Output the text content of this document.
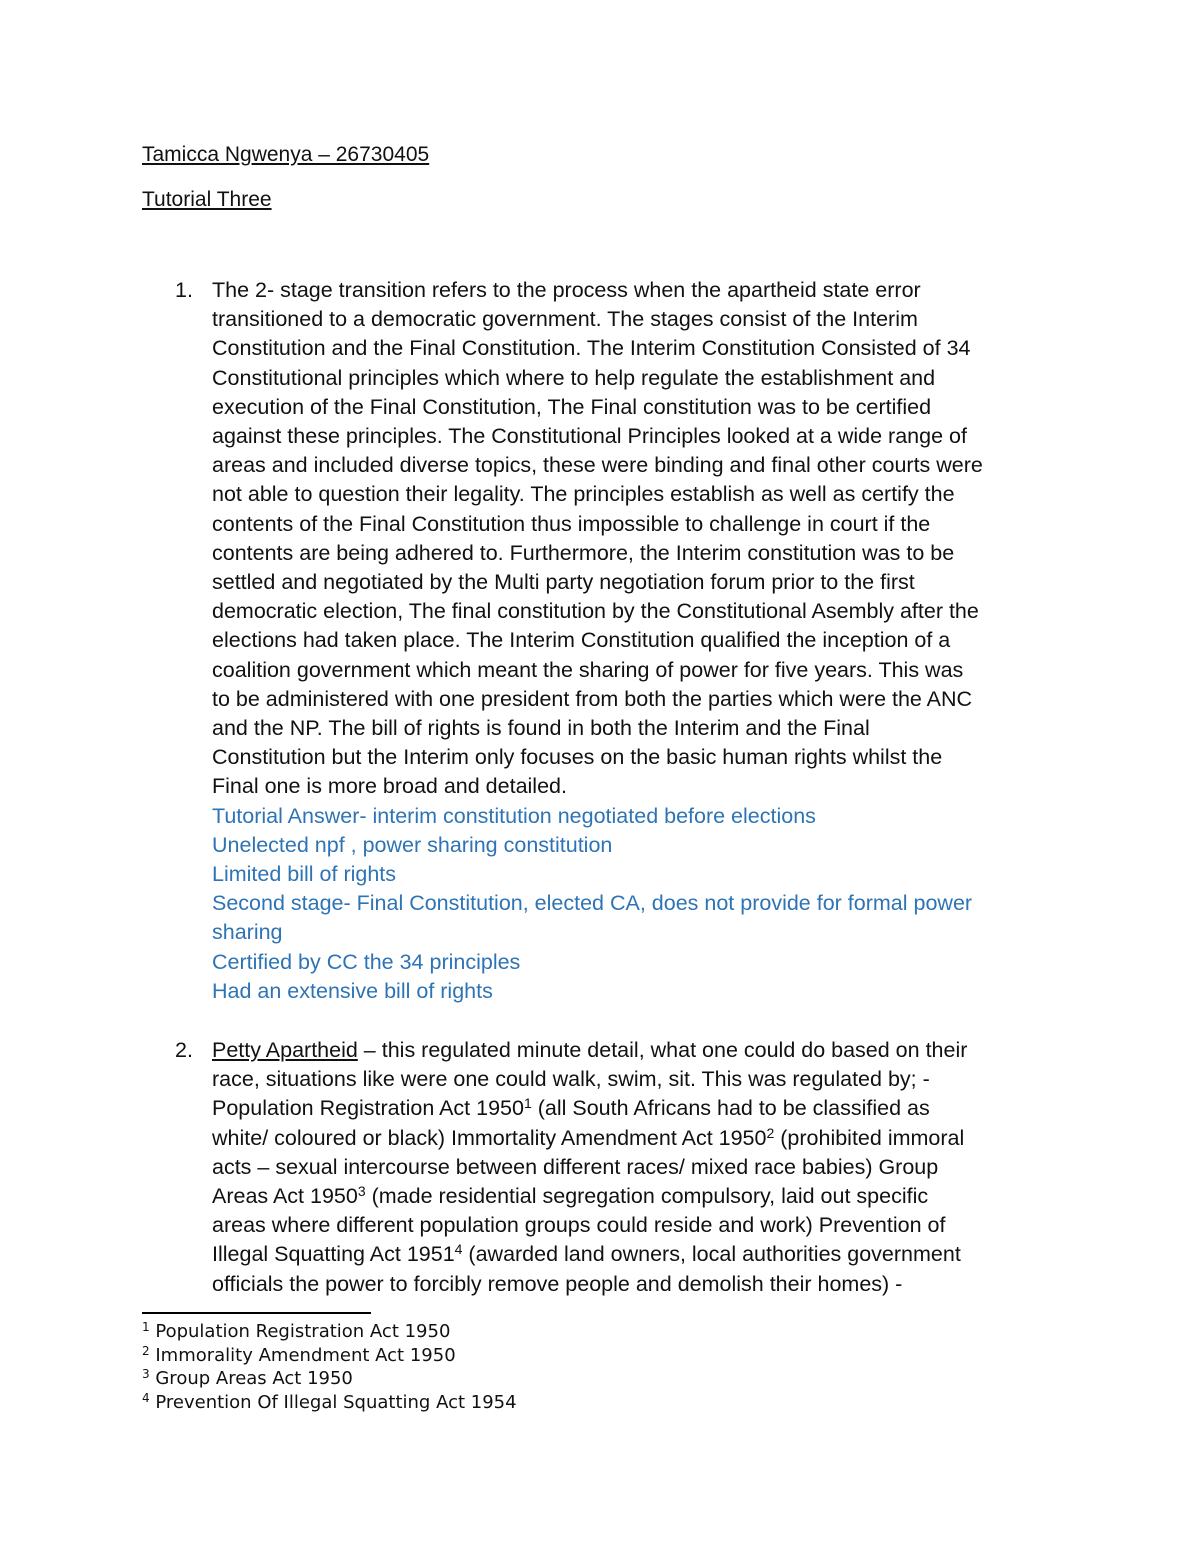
Tamicca Ngwenya – 26730405
Tutorial Three
1. The 2- stage transition refers to the process when the apartheid state error
transitioned to a democratic government. The stages consist of the Interim
Constitution and the Final Constitution. The Interim Constitution Consisted of 34
Constitutional principles which where to help regulate the establishment and
execution of the Final Constitution, The Final constitution was to be certified
against these principles. The Constitutional Principles looked at a wide range of
areas and included diverse topics, these were binding and final other courts were
not able to question their legality. The principles establish as well as certify the
contents of the Final Constitution thus impossible to challenge in court if the
contents are being adhered to. Furthermore, the Interim constitution was to be
settled and negotiated by the Multi party negotiation forum prior to the first
democratic election, The final constitution by the Constitutional Asembly after the
elections had taken place. The Interim Constitution qualified the inception of a
coalition government which meant the sharing of power for five years. This was
to be administered with one president from both the parties which were the ANC
and the NP. The bill of rights is found in both the Interim and the Final
Constitution but the Interim only focuses on the basic human rights whilst the
Final one is more broad and detailed.
Tutorial Answer- interim constitution negotiated before elections
Unelected npf , power sharing constitution
Limited bill of rights
Second stage- Final Constitution, elected CA, does not provide for formal power
sharing
Certified by CC the 34 principles
Had an extensive bill of rights
2. Petty Apartheid – this regulated minute detail, what one could do based on their
race, situations like were one could walk, swim, sit. This was regulated by; -
Population Registration Act 1950$^1$ (all South Africans had to be classified as
white/ coloured or black) Immortality Amendment Act 1950$^2$ (prohibited immoral
acts – sexual intercourse between different races/ mixed race babies) Group
Areas Act 1950$^3$ (made residential segregation compulsory, laid out specific
areas where different population groups could reside and work) Prevention of
Illegal Squatting Act 1951$^4$ (awarded land owners, local authorities government
officials the power to forcibly remove people and demolish their homes) -
$^1$ Population Registration Act 1950
$^2$ Immorality Amendment Act 1950
$^3$ Group Areas Act 1950
$^4$ Prevention Of Illegal Squatting Act 1954
